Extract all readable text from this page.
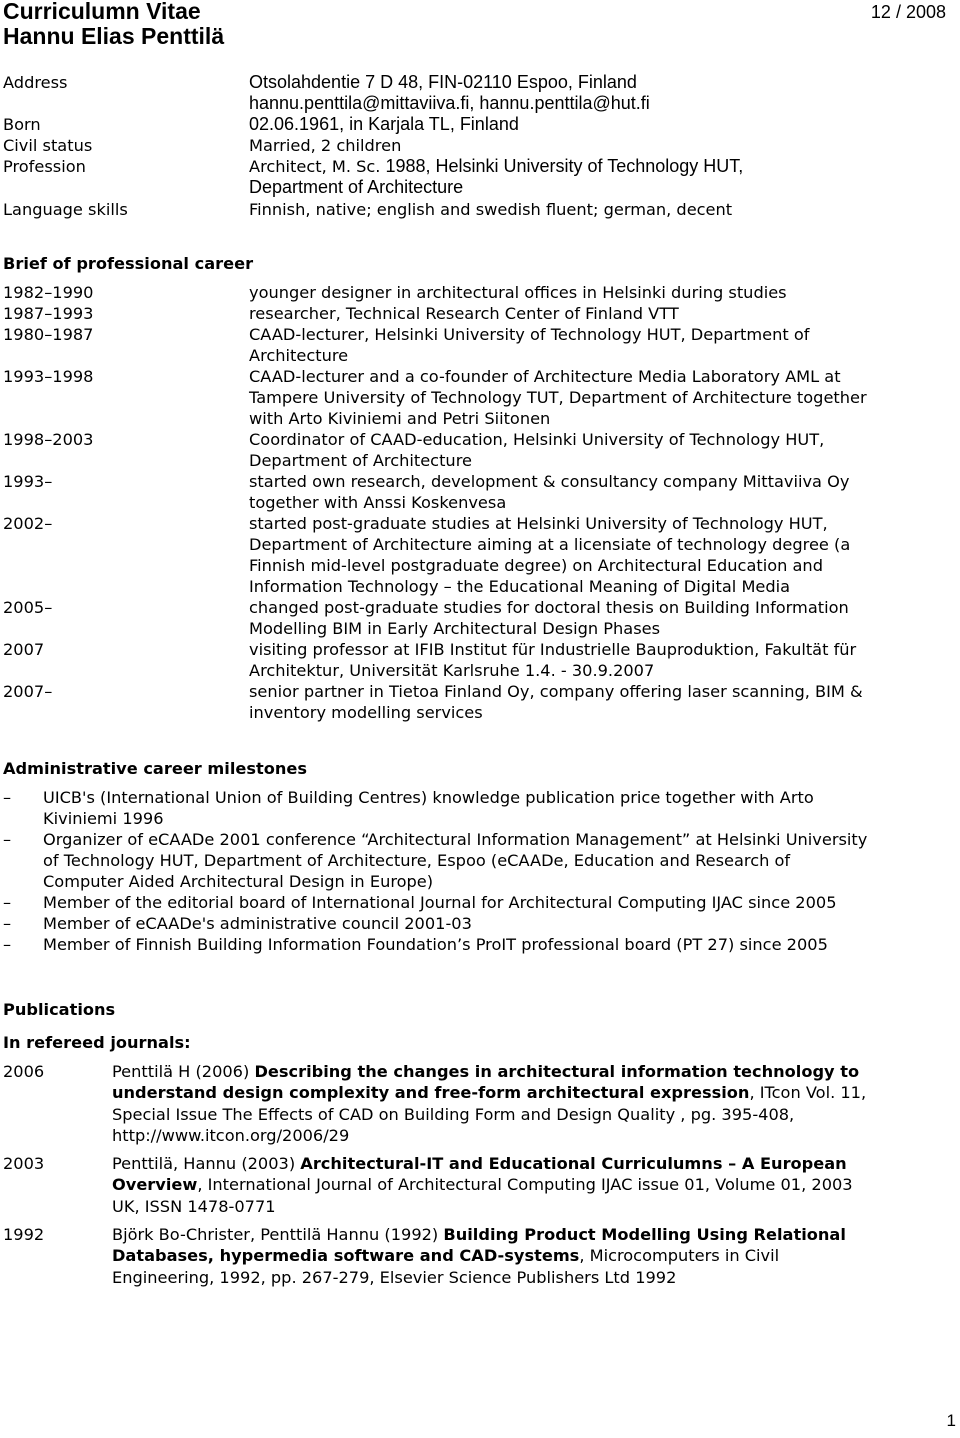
Curriculumn Vitae
Hannu Elias Penttilä
12 / 2008
Address	Otsolahdentie 7 D 48, FIN-02110 Espoo, Finland
hannu.penttila@mittaviiva.fi, hannu.penttila@hut.fi
Born	02.06.1961, in Karjala TL, Finland
Civil status	Married, 2 children
Profession	Architect, M. Sc. 1988, Helsinki University of Technology HUT,
Department of Architecture
Language skills	Finnish, native; english and swedish fluent; german, decent
Brief of professional career
1982–1990	younger designer in architectural offices in Helsinki during studies
1987–1993	researcher, Technical Research Center of Finland VTT
1980–1987	CAAD-lecturer, Helsinki University of Technology HUT, Department of
Architecture
1993–1998	CAAD-lecturer and a co-founder of Architecture Media Laboratory AML at
Tampere University of Technology TUT, Department of Architecture together
with Arto Kiviniemi and Petri Siitonen
1998–2003	Coordinator of CAAD-education, Helsinki University of Technology HUT,
Department of Architecture
1993–	started own research, development & consultancy company Mittaviiva Oy
together with Anssi Koskenvesa
2002–	started post-graduate studies at Helsinki University of Technology HUT,
Department of Architecture aiming at a licensiate of technology degree (a
Finnish mid-level postgraduate degree) on Architectural Education and
Information Technology – the Educational Meaning of Digital Media
2005–	changed post-graduate studies for doctoral thesis on Building Information
Modelling BIM in Early Architectural Design Phases
2007	visiting professor at IFIB Institut für Industrielle Bauproduktion, Fakultät für
Architektur, Universität Karlsruhe 1.4. - 30.9.2007
2007–	senior partner in Tietoa Finland Oy, company offering laser scanning, BIM &
inventory modelling services
Administrative career milestones
– UICB's (International Union of Building Centres) knowledge publication price together with Arto
Kiviniemi 1996
– Organizer of eCAADe 2001 conference “Architectural Information Management” at Helsinki University
of Technology HUT, Department of Architecture, Espoo (eCAADe, Education and Research of
Computer Aided Architectural Design in Europe)
– Member of the editorial board of International Journal for Architectural Computing IJAC since 2005
– Member of eCAADe's administrative council 2001-03
– Member of Finnish Building Information Foundation’s ProIT professional board (PT 27) since 2005
Publications
In refereed journals:
2006	Penttilä H (2006) Describing the changes in architectural information technology to
understand design complexity and free-form architectural expression, ITcon Vol. 11,
Special Issue The Effects of CAD on Building Form and Design Quality , pg. 395-408,
http://www.itcon.org/2006/29
2003	Penttilä, Hannu (2003) Architectural-IT and Educational Curriculumns – A European
Overview, International Journal of Architectural Computing IJAC issue 01, Volume 01, 2003
UK, ISSN 1478-0771
1992	Björk Bo-Christer, Penttilä Hannu (1992) Building Product Modelling Using Relational
Databases, hypermedia software and CAD-systems, Microcomputers in Civil
Engineering, 1992, pp. 267-279, Elsevier Science Publishers Ltd 1992
1
